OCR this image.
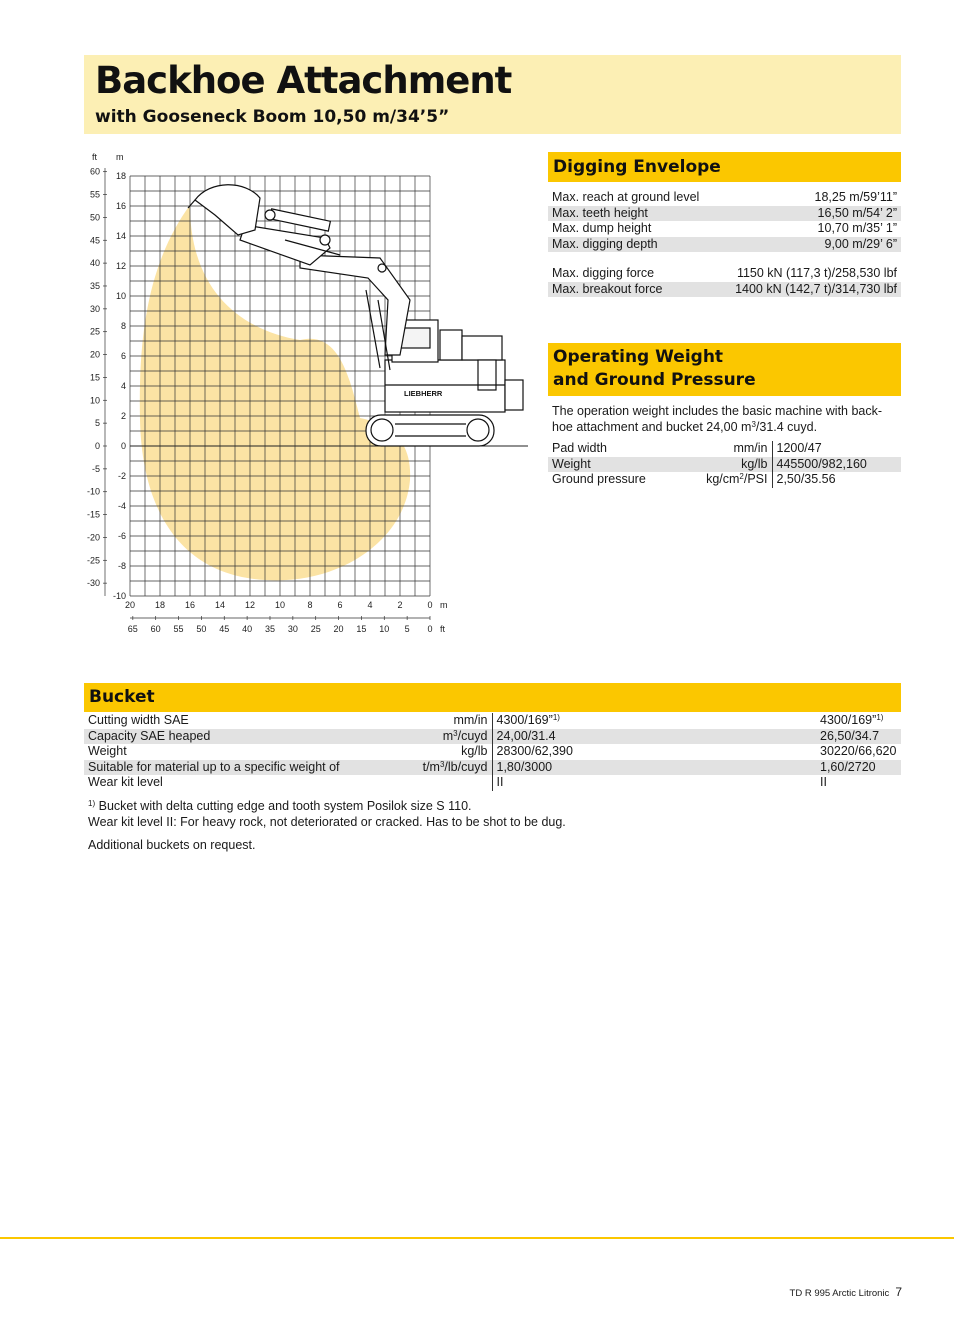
Backhoe Attachment
with Gooseneck Boom 10,50 m/34’5”
LIEBHERR
18
16
14
12
10
8
6
4
2
0
-2
-4
-6
-8
-10
60
55
50
45
40
35
30
25
20
15
10
5
0
-5
-10
-15
-20
-25
-30
20 18 16 14 12 10 8	6	4	2	0
65 60 55 50 45 40 35 30 25 20 15 10 5 0
ft m
m
ft
Digging Envelope
Max. reach at ground level	18,25 m/59’11”
Max. teeth height	16,50 m/54’ 2”
Max. dump height	10,70 m/35’ 1”
Max. digging depth	9,00 m/29’ 6”

Max. digging force	1150 kN (117,3 t)/258,530 lbf
Max. breakout force	1400 kN (142,7 t)/314,730 lbf
Operating Weight
and Ground Pressure
The operation weight includes the basic machine with back-
hoe attachment and bucket 24,00 $m^3/31.4$ cuyd.
Pad width	mm/in	1200/47
Weight	kg/lb	445500/982,160
Ground pressure	$kg/cm^2$/PSI	2,50/35.56
Bucket
Cutting width SAE	mm/in	4300/169”$^{1)}$	4300/169”$^{1)}$
Capacity SAE heaped	$m^3$/cuyd	24,00/31.4	26,50/34.7
Weight	kg/lb	28300/62,390	30220/66,620
Suitable for material up to a specific weight of	$t/m^3/lb$/cuyd	1,80/3000	1,60/2720
Wear kit level		II	II
$^{1)}$ Bucket with delta cutting edge and tooth system Posilok size S 110.
Wear kit level II: For heavy rock, not deteriorated or cracked. Has to be shot to be dug.
Additional buckets on request.
TD R 995 Arctic Litronic 7
